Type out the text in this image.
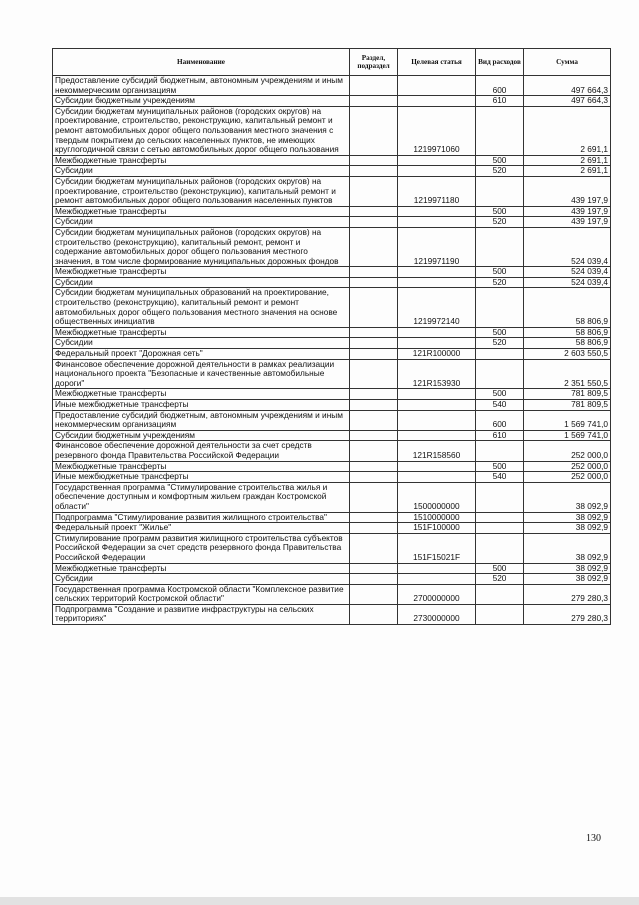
Наименование	Раздел, подраздел	Целевая статья	Вид расходов	Сумма
Предоставление субсидий бюджетным, автономным учреждениям и иным некоммерческим организациям			600	497 664,3
Субсидии бюджетным учреждениям			610	497 664,3
Субсидии бюджетам муниципальных районов (городских округов) на проектирование, строительство, реконструкцию, капитальный ремонт и ремонт автомобильных дорог общего пользования местного значения с твердым покрытием до сельских населенных пунктов, не имеющих круглогодичной связи с сетью автомобильных дорог общего пользования		1219971060		2 691,1
Межбюджетные трансферты			500	2 691,1
Субсидии			520	2 691,1
Субсидии бюджетам муниципальных районов (городских округов) на проектирование, строительство (реконструкцию), капитальный ремонт и ремонт автомобильных дорог общего пользования населенных пунктов		1219971180		439 197,9
Межбюджетные трансферты			500	439 197,9
Субсидии			520	439 197,9
Субсидии бюджетам муниципальных районов (городских округов) на строительство (реконструкцию), капитальный ремонт, ремонт и содержание автомобильных дорог общего пользования местного значения, в том числе формирование муниципальных дорожных фондов		1219971190		524 039,4
Межбюджетные трансферты			500	524 039,4
Субсидии			520	524 039,4
Субсидии бюджетам муниципальных образований на проектирование, строительство (реконструкцию), капитальный ремонт и ремонт автомобильных дорог общего пользования местного значения на основе общественных инициатив		1219972140		58 806,9
Межбюджетные трансферты			500	58 806,9
Субсидии			520	58 806,9
Федеральный проект "Дорожная сеть"		121R100000		2 603 550,5
Финансовое обеспечение дорожной деятельности в рамках реализации национального проекта "Безопасные и качественные автомобильные дороги"		121R153930		2 351 550,5
Межбюджетные трансферты			500	781 809,5
Иные межбюджетные трансферты			540	781 809,5
Предоставление субсидий бюджетным, автономным учреждениям и иным некоммерческим организациям			600	1 569 741,0
Субсидии бюджетным учреждениям			610	1 569 741,0
Финансовое обеспечение дорожной деятельности за счет средств резервного фонда Правительства Российской Федерации		121R158560		252 000,0
Межбюджетные трансферты			500	252 000,0
Иные межбюджетные трансферты			540	252 000,0
Государственная программа "Стимулирование строительства жилья и обеспечение доступным и комфортным жильем граждан Костромской области"		1500000000		38 092,9
Подпрограмма "Стимулирование развития жилищного строительства"		1510000000		38 092,9
Федеральный проект "Жилье"		151F100000		38 092,9
Стимулирование программ развития жилищного строительства субъектов Российской Федерации за счет средств резервного фонда Правительства Российской Федерации		151F15021F		38 092,9
Межбюджетные трансферты			500	38 092,9
Субсидии			520	38 092,9
Государственная программа Костромской области "Комплексное развитие сельских территорий Костромской области"		2700000000		279 280,3
Подпрограмма "Создание и развитие инфраструктуры на сельских территориях"		2730000000		279 280,3
130
